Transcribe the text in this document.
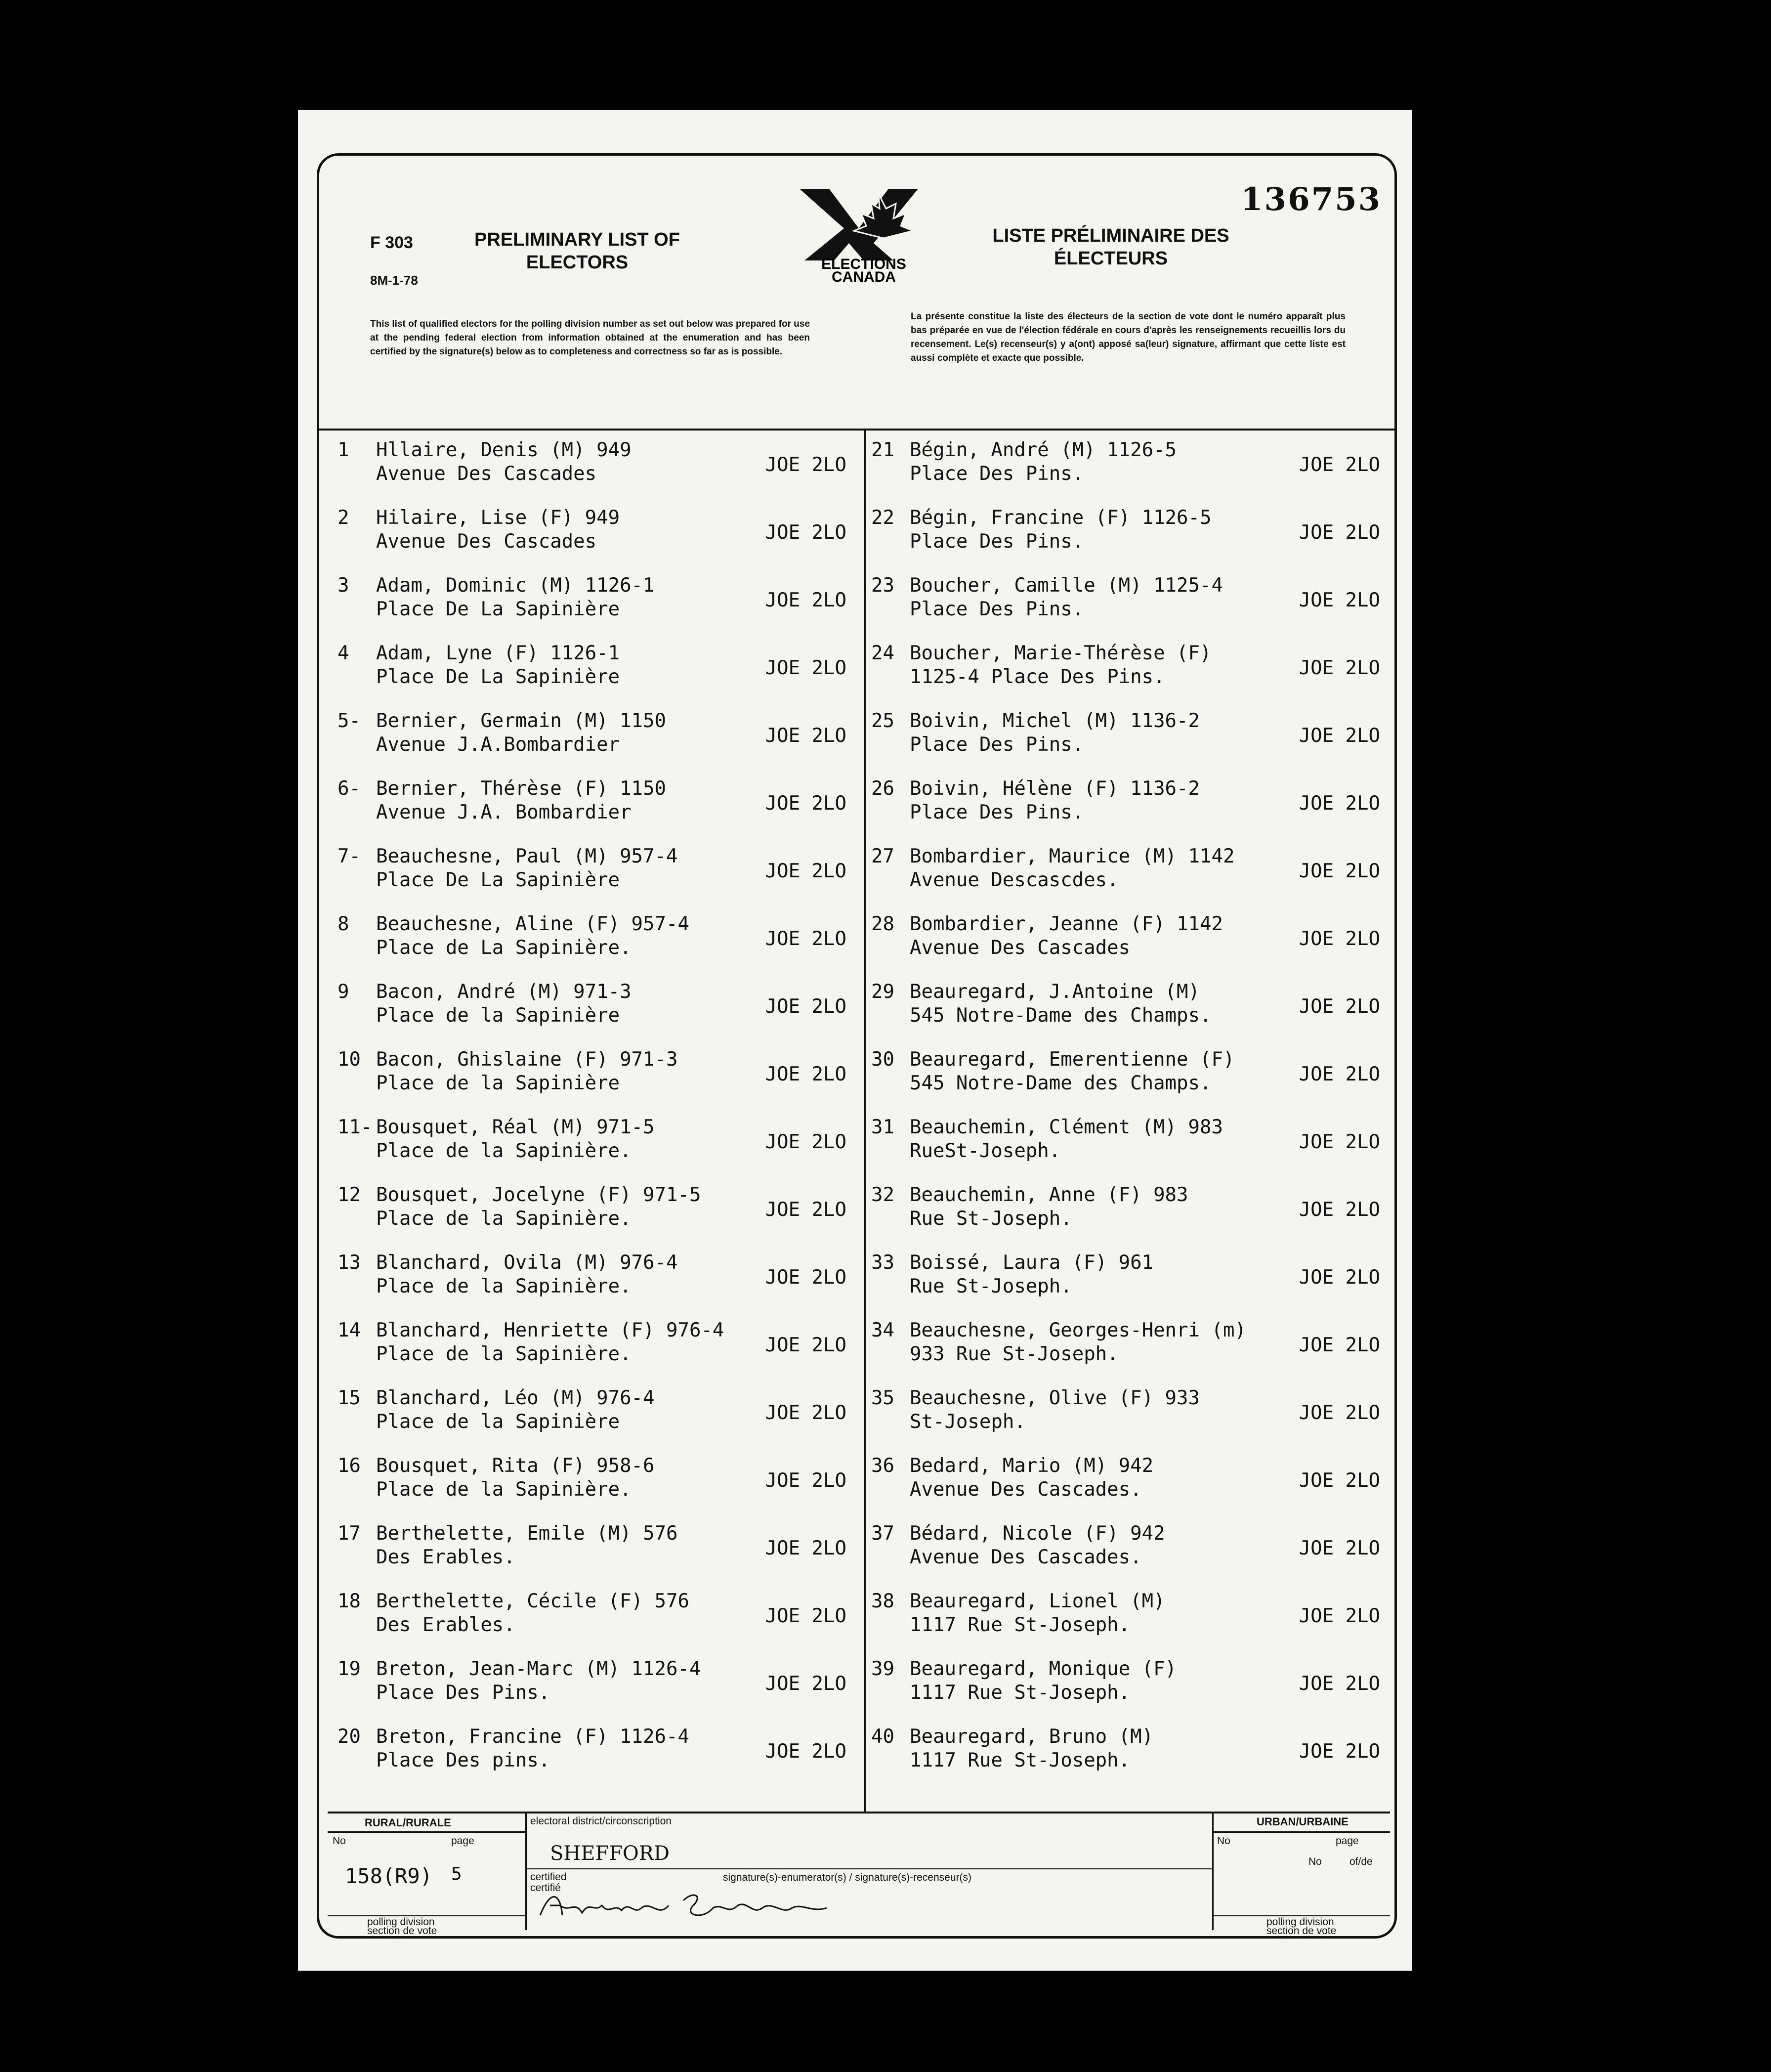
136753
F 303
8M-1-78
PRELIMINARY LIST OF ELECTORS
LISTE PRÉLIMINAIRE DES ÉLECTEURS
ELECTIONS
CANADA
This list of qualified electors for the polling division number as set out below was prepared for use at the pending federal election from information obtained at the enumeration and has been certified by the signature(s) below as to completeness and correctness so far as is possible.
La présente constitue la liste des électeurs de la section de vote dont le numéro apparaît plus bas préparée en vue de l'élection fédérale en cours d'après les renseignements recueillis lors du recensement. Le(s) recenseur(s) y a(ont) apposé sa(leur) signature, affirmant que cette liste est aussi complète et exacte que possible.
1 Hllaire, Denis (M) 949
Avenue Des Cascades	JOE 2LO
2 Hilaire, Lise (F) 949
Avenue Des Cascades	JOE 2LO
3 Adam, Dominic (M) 1126-1
Place De La Sapinière	JOE 2LO
4 Adam, Lyne (F) 1126-1
Place De La Sapinière	JOE 2LO
5- Bernier, Germain (M) 1150
Avenue J.A.Bombardier	JOE 2LO
6- Bernier, Thérèse (F) 1150
Avenue J.A. Bombardier	JOE 2LO
7- Beauchesne, Paul (M) 957-4
Place De La Sapinière	JOE 2LO
8 Beauchesne, Aline (F) 957-4
Place de La Sapinière.	JOE 2LO
9 Bacon, André (M) 971-3
Place de la Sapinière	JOE 2LO
10 Bacon, Ghislaine (F) 971-3
Place de la Sapinière	JOE 2LO
11- Bousquet, Réal (M) 971-5
Place de la Sapinière.	JOE 2LO
12 Bousquet, Jocelyne (F) 971-5
Place de la Sapinière.	JOE 2LO
13 Blanchard, Ovila (M) 976-4
Place de la Sapinière.	JOE 2LO
14 Blanchard, Henriette (F) 976-4
Place de la Sapinière.	JOE 2LO
15 Blanchard, Léo (M) 976-4
Place de la Sapinière	JOE 2LO
16 Bousquet, Rita (F) 958-6
Place de la Sapinière.	JOE 2LO
17 Berthelette, Emile (M) 576
Des Erables.	JOE 2LO
18 Berthelette, Cécile (F) 576
Des Erables.	JOE 2LO
19 Breton, Jean-Marc (M) 1126-4
Place Des Pins.	JOE 2LO
20 Breton, Francine (F) 1126-4
Place Des pins.	JOE 2LO
21 Bégin, André (M) 1126-5
Place Des Pins.	JOE 2LO
22 Bégin, Francine (F) 1126-5
Place Des Pins.	JOE 2LO
23 Boucher, Camille (M) 1125-4
Place Des Pins.	JOE 2LO
24 Boucher, Marie-Thérèse (F)
1125-4 Place Des Pins.	JOE 2LO
25 Boivin, Michel (M) 1136-2
Place Des Pins.	JOE 2LO
26 Boivin, Hélène (F) 1136-2
Place Des Pins.	JOE 2LO
27 Bombardier, Maurice (M) 1142
Avenue Descascdes.	JOE 2LO
28 Bombardier, Jeanne (F) 1142
Avenue Des Cascades	JOE 2LO
29 Beauregard, J.Antoine (M)
545 Notre-Dame des Champs.	JOE 2LO
30 Beauregard, Emerentienne (F)
545 Notre-Dame des Champs.	JOE 2LO
31 Beauchemin, Clément (M) 983
RueSt-Joseph.	JOE 2LO
32 Beauchemin, Anne (F) 983
Rue St-Joseph.	JOE 2LO
33 Boissé, Laura (F) 961
Rue St-Joseph.	JOE 2LO
34 Beauchesne, Georges-Henri (m)
933 Rue St-Joseph.	JOE 2LO
35 Beauchesne, Olive (F) 933
St-Joseph.	JOE 2LO
36 Bedard, Mario (M) 942
Avenue Des Cascades.	JOE 2LO
37 Bédard, Nicole (F) 942
Avenue Des Cascades.	JOE 2LO
38 Beauregard, Lionel (M)
1117 Rue St-Joseph.	JOE 2LO
39 Beauregard, Monique (F)
1117 Rue St-Joseph.	JOE 2LO
40 Beauregard, Bruno (M)
1117 Rue St-Joseph.	JOE 2LO
RURAL/RURALE	URBAN/URBAINE
electoral district/circonscription
SHEFFORD
No	page
158(R9) 5
No	page
No	of/de
certified certifié
signature(s)-enumerator(s) / signature(s)-recenseur(s)
polling division section de vote
polling division section de vote
